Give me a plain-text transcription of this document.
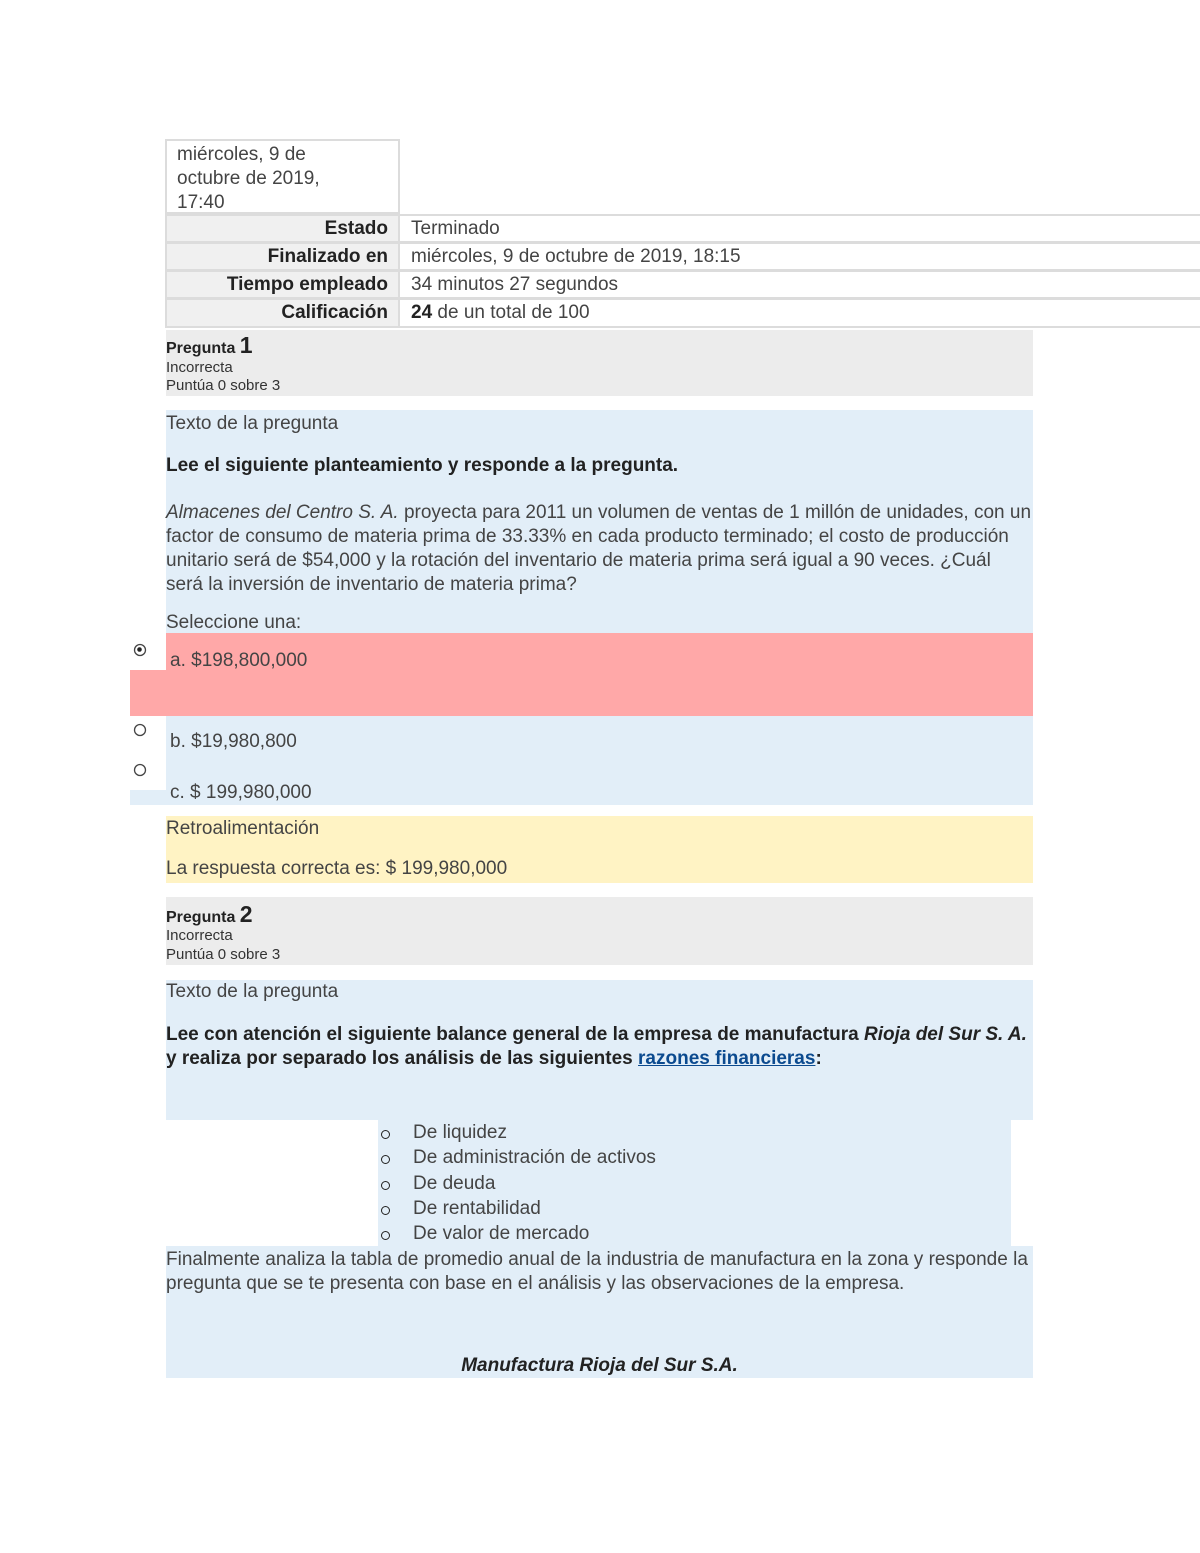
miércoles, 9 de
octubre de 2019,
17:40
Estado	Terminado
Finalizado en	miércoles, 9 de octubre de 2019, 18:15
Tiempo empleado	34 minutos 27 segundos
Calificación	24 de un total de 100
Pregunta 1
Incorrecta
Puntúa 0 sobre 3
Texto de la pregunta
Lee el siguiente planteamiento y responde a la pregunta.
Almacenes del Centro S. A. proyecta para 2011 un volumen de ventas de 1 millón de unidades, con un factor de consumo de materia prima de 33.33% en cada producto terminado; el costo de producción unitario será de $54,000 y la rotación del inventario de materia prima será igual a 90 veces. ¿Cuál será la inversión de inventario de materia prima?
Seleccione una:
a. $198,800,000
b. $19,980,800
c. $ 199,980,000
Retroalimentación
La respuesta correcta es: $ 199,980,000
Pregunta 2
Incorrecta
Puntúa 0 sobre 3
Texto de la pregunta
Lee con atención el siguiente balance general de la empresa de manufactura Rioja del Sur S. A. y realiza por separado los análisis de las siguientes razones financieras:
De liquidez
De administración de activos
De deuda
De rentabilidad
De valor de mercado
Finalmente analiza la tabla de promedio anual de la industria de manufactura en la zona y responde la pregunta que se te presenta con base en el análisis y las observaciones de la empresa.
Manufactura Rioja del Sur S.A.
